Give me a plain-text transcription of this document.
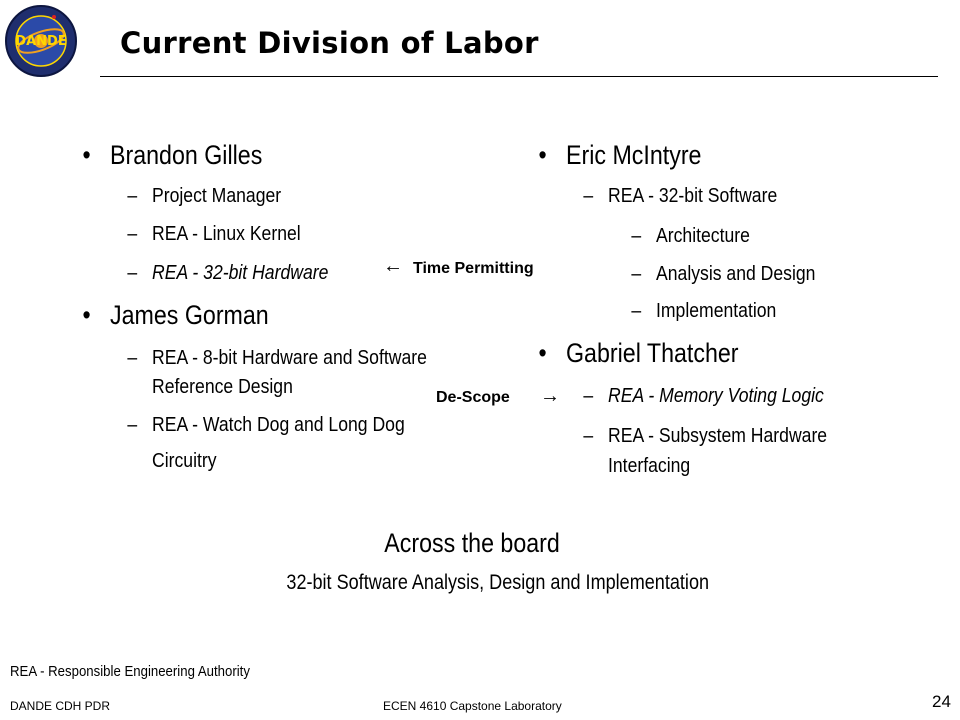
DANDE Current Division of Labor
• Brandon Gilles
– Project Manager
– REA - Linux Kernel
– REA - 32-bit Hardware
• James Gorman
– REA - 8-bit Hardware and Software
Reference Design
– REA - Watch Dog and Long Dog
Circuitry
← Time Permitting
De-Scope →
• Eric McIntyre
– REA - 32-bit Software
– Architecture
– Analysis and Design
– Implementation
• Gabriel Thatcher
– REA - Memory Voting Logic
– REA - Subsystem Hardware
Interfacing
Across the board
32-bit Software Analysis, Design and Implementation
REA - Responsible Engineering Authority
DANDE CDH PDR	ECEN 4610 Capstone Laboratory	24
